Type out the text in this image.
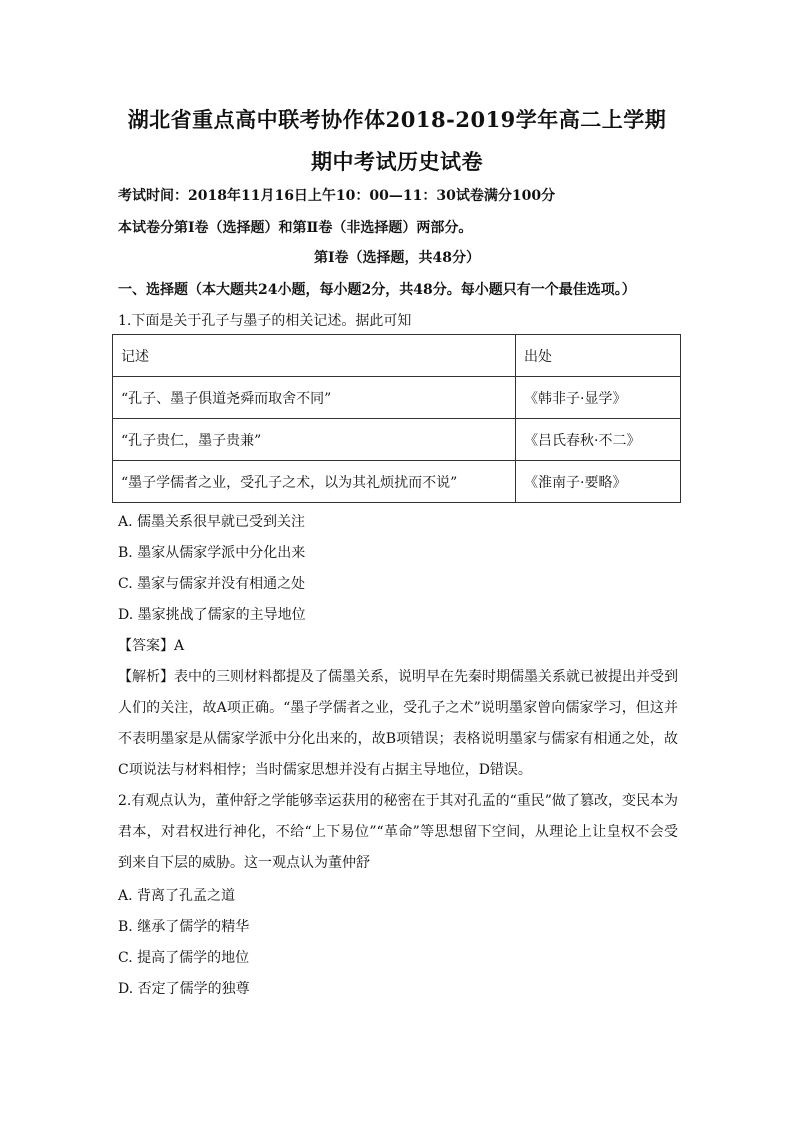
湖北省重点高中联考协作体2018-2019学年高二上学期
期中考试历史试卷
考试时间：2018年11月16日上午10：00—11：30试卷满分100分
本试卷分第Ⅰ卷（选择题）和第Ⅱ卷（非选择题）两部分。
第Ⅰ卷（选择题，共48分）
一、选择题（本大题共24小题，每小题2分，共48分。每小题只有一个最佳选项。）
1.下面是关于孔子与墨子的相关记述。据此可知
记述	出处
“孔子、墨子俱道尧舜而取舍不同”	《韩非子·显学》
“孔子贵仁，墨子贵兼”	《吕氏春秋·不二》
“墨子学儒者之业，受孔子之术，以为其礼烦扰而不说”	《淮南子·要略》
A. 儒墨关系很早就已受到关注
B. 墨家从儒家学派中分化出来
C. 墨家与儒家并没有相通之处
D. 墨家挑战了儒家的主导地位
【答案】A
【解析】表中的三则材料都提及了儒墨关系，说明早在先秦时期儒墨关系就已被提出并受到人们的关注，故A项正确。“墨子学儒者之业，受孔子之术”说明墨家曾向儒家学习，但这并不表明墨家是从儒家学派中分化出来的，故B项错误；表格说明墨家与儒家有相通之处，故C项说法与材料相悖；当时儒家思想并没有占据主导地位，D错误。
2.有观点认为，董仲舒之学能够幸运获用的秘密在于其对孔孟的“重民”做了篡改，变民本为君本，对君权进行神化，不给“上下易位”“革命”等思想留下空间，从理论上让皇权不会受到来自下层的威胁。这一观点认为董仲舒
A. 背离了孔孟之道
B. 继承了儒学的精华
C. 提高了儒学的地位
D. 否定了儒学的独尊
